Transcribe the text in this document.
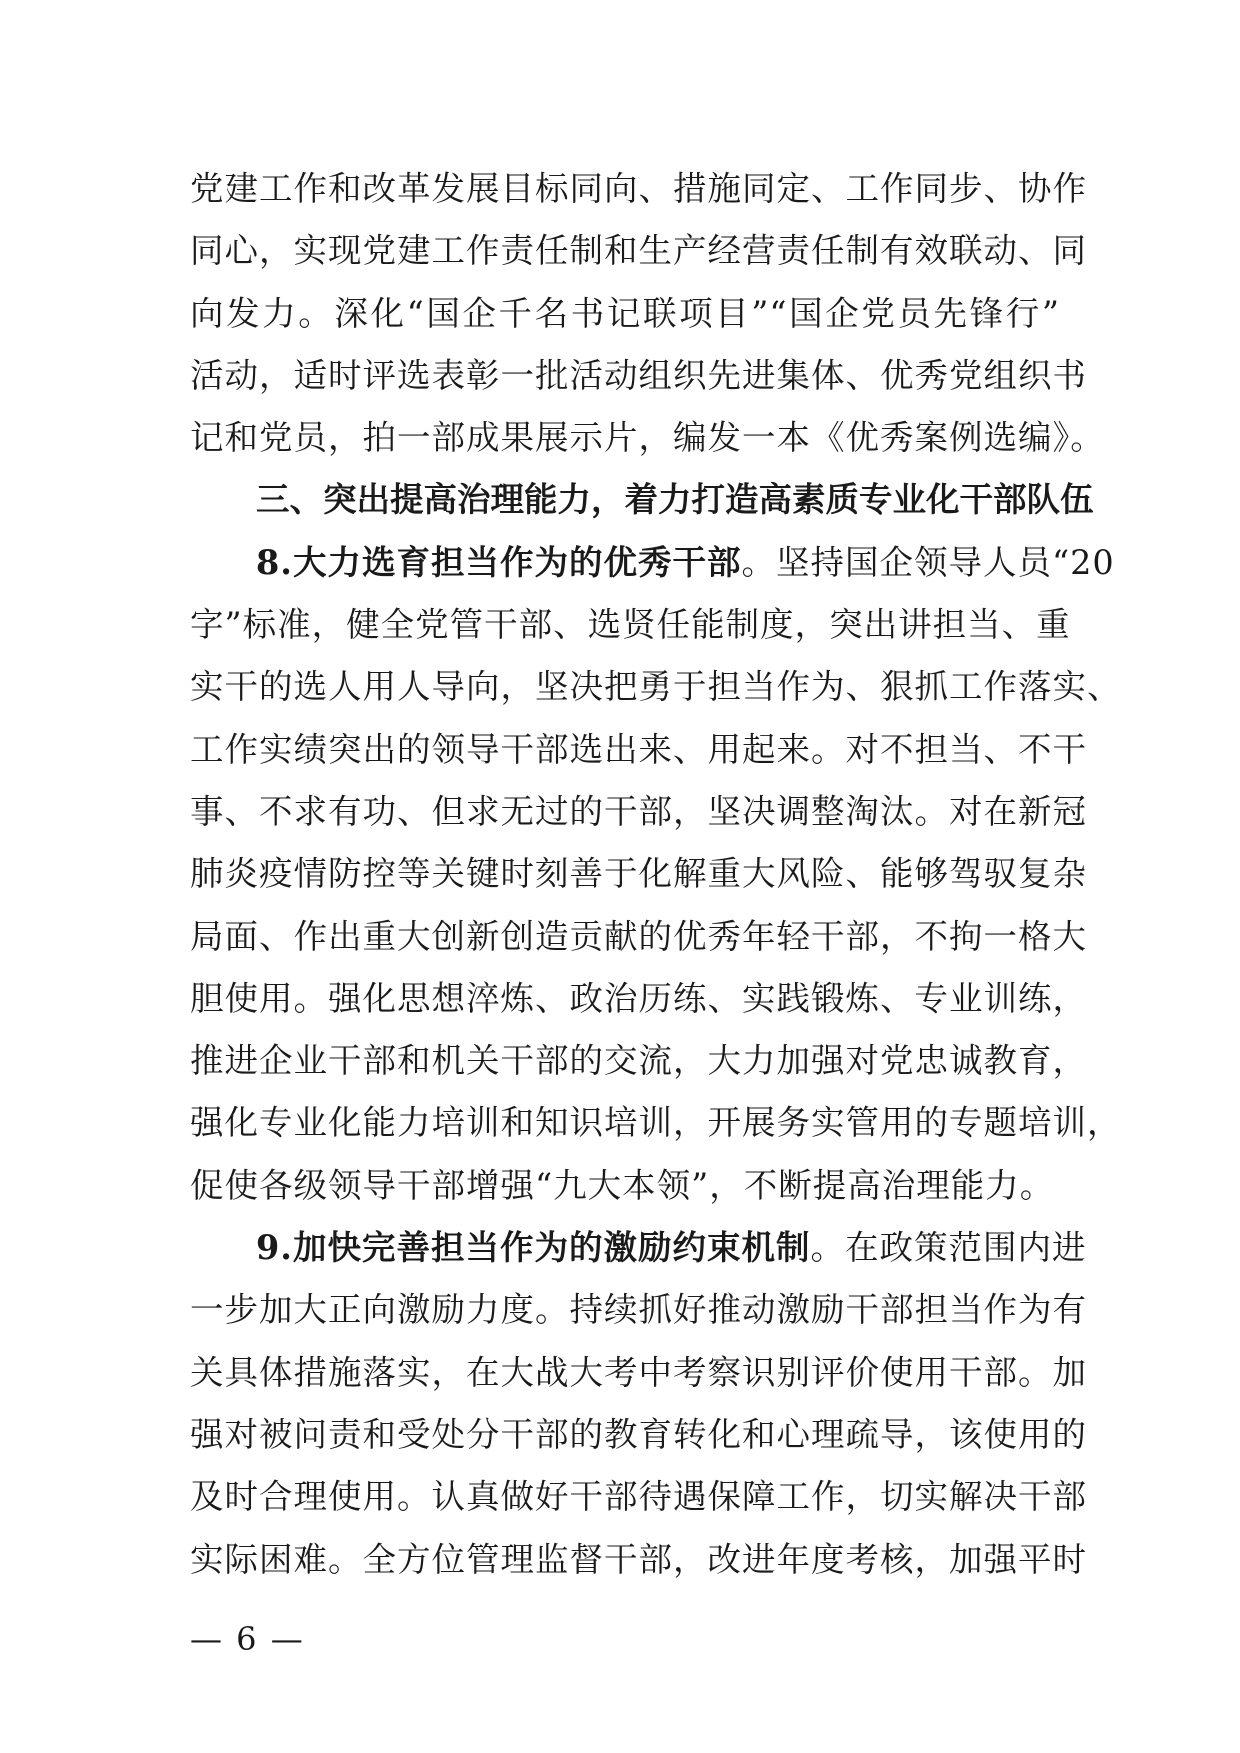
党建工作和改革发展目标同向、措施同定、工作同步、协作
同心，实现党建工作责任制和生产经营责任制有效联动、同
向发力。深化“国企千名书记联项目”“国企党员先锋行”
活动，适时评选表彰一批活动组织先进集体、优秀党组织书
记和党员，拍一部成果展示片，编发一本《优秀案例选编》。
三、突出提高治理能力，着力打造高素质专业化干部队伍
8.大力选育担当作为的优秀干部。坚持国企领导人员“20
字”标准，健全党管干部、选贤任能制度，突出讲担当、重
实干的选人用人导向，坚决把勇于担当作为、狠抓工作落实、
工作实绩突出的领导干部选出来、用起来。对不担当、不干
事、不求有功、但求无过的干部，坚决调整淘汰。对在新冠
肺炎疫情防控等关键时刻善于化解重大风险、能够驾驭复杂
局面、作出重大创新创造贡献的优秀年轻干部，不拘一格大
胆使用。强化思想淬炼、政治历练、实践锻炼、专业训练，
推进企业干部和机关干部的交流，大力加强对党忠诚教育，
强化专业化能力培训和知识培训，开展务实管用的专题培训，
促使各级领导干部增强“九大本领”，不断提高治理能力。
9.加快完善担当作为的激励约束机制。在政策范围内进
一步加大正向激励力度。持续抓好推动激励干部担当作为有
关具体措施落实，在大战大考中考察识别评价使用干部。加
强对被问责和受处分干部的教育转化和心理疏导，该使用的
及时合理使用。认真做好干部待遇保障工作，切实解决干部
实际困难。全方位管理监督干部，改进年度考核，加强平时
— 6 —
